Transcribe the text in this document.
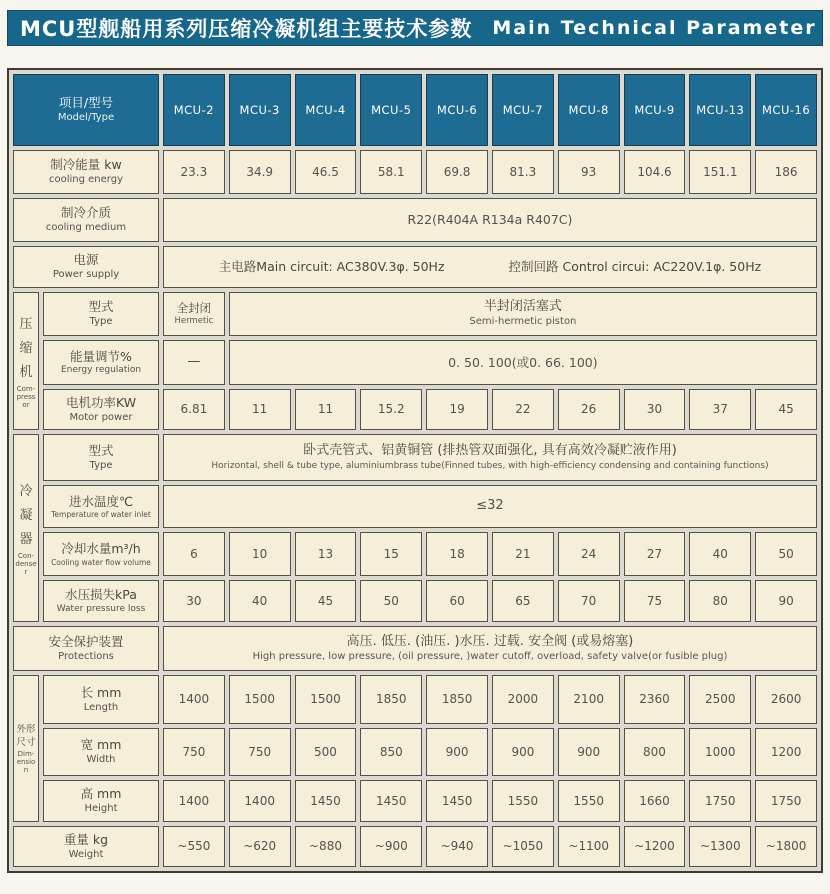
MCU型舰船用系列压缩冷凝机组主要技术参数 Main Technical Parameter
项目/型号
Model/Type
MCU-2 MCU-3 MCU-4 MCU-5 MCU-6 MCU-7 MCU-8 MCU-9 MCU-13 MCU-16
制冷能量 kw
cooling energy
23.3	34.9	46.5	58.1	69.8	81.3	93	104.6	151.1	186
制冷介质
cooling medium
R22(R404A R134a R407C)
电源
Power supply
主电路Main circuit: AC380V.3φ. 50Hz	控制回路 Control circui: AC220V.1φ. 50Hz
压缩机
Com-
pressor
型式
Type
全封闭
Hermetic
半封闭活塞式
Semi-hermetic piston
能量调节%
Energy regulation
—	0. 50. 100(或0. 66. 100)
电机功率KW
Motor power
6.81	11	11	15.2	19	22	26	30	37	45
冷凝器
Con-
denser
型式
Type
卧式壳管式、铝黄铜管 (排热管双面强化, 具有高效冷凝贮液作用)
Horizontal, shell & tube type, aluminiumbrass tube(Finned tubes, with high-efficiency condensing and containing functions)
进水温度℃
Temperature of water inlet
≤32
冷却水量m³/h
Cooling water flow volume
6	10	13	15	18	21	24	27	40	50
水压损失kPa
Water pressure loss
30	40	45	50	60	65	70	75	80	90
安全保护装置
Protections
高压. 低压. (油压. )水压. 过载. 安全阀 (或易熔塞)
High pressure, low pressure, (oil pressure, )water cutoff, overload, safety valve(or fusible plug)
外形尺寸
Dim-
ension
长 mm
Length
1400	1500	1500	1850	1850	2000	2100	2360	2500	2600
宽 mm
Width
750	750	500	850	900	900	900	800	1000	1200
高 mm
Height
1400	1400	1450	1450	1450	1550	1550	1660	1750	1750
重量 kg
Weight
~550	~620	~880	~900	~940 ~1050 ~1100 ~1200 ~1300 ~1800
